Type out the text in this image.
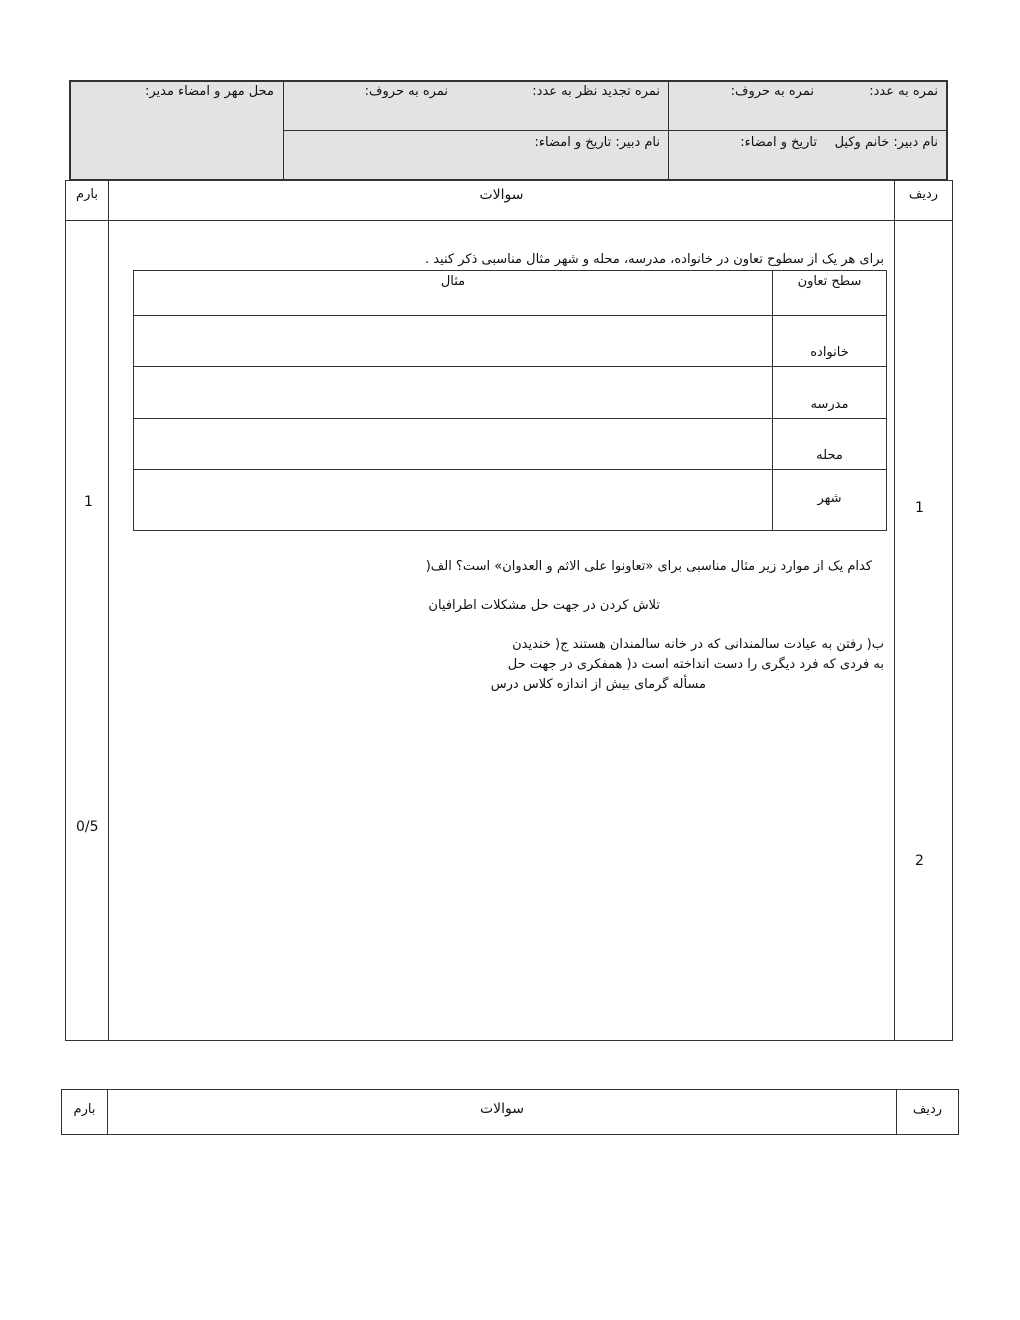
نمره به عدد:
نمره به حروف:
نام دبیر: خانم وکیل
تاریخ و امضاء:
نمره تجدید نظر به عدد:
نمره به حروف:
نام دبیر: تاریخ و امضاء:
محل مهر و امضاء مدیر:
ردیف
سوالات
بارم
1
1
برای هر یک از سطوح تعاون در خانواده، مدرسه، محله و شهر مثال مناسبی ذکر کنید .
سطح تعاون
مثال
خانواده
مدرسه
محله
شهر
2
0/5
کدام یک از موارد زیر مثال مناسبی برای «تعاونوا علی الاثم و العدوان» است؟ الف(
تلاش کردن در جهت حل مشکلات اطرافیان
ب( رفتن به عیادت سالمندانی که در خانه سالمندان هستند ج( خندیدن
به فردی که فرد دیگری را دست انداخته است د( همفکری در جهت حل
مسأله گرمای بیش از اندازه کلاس درس
ردیف
سوالات
بارم
